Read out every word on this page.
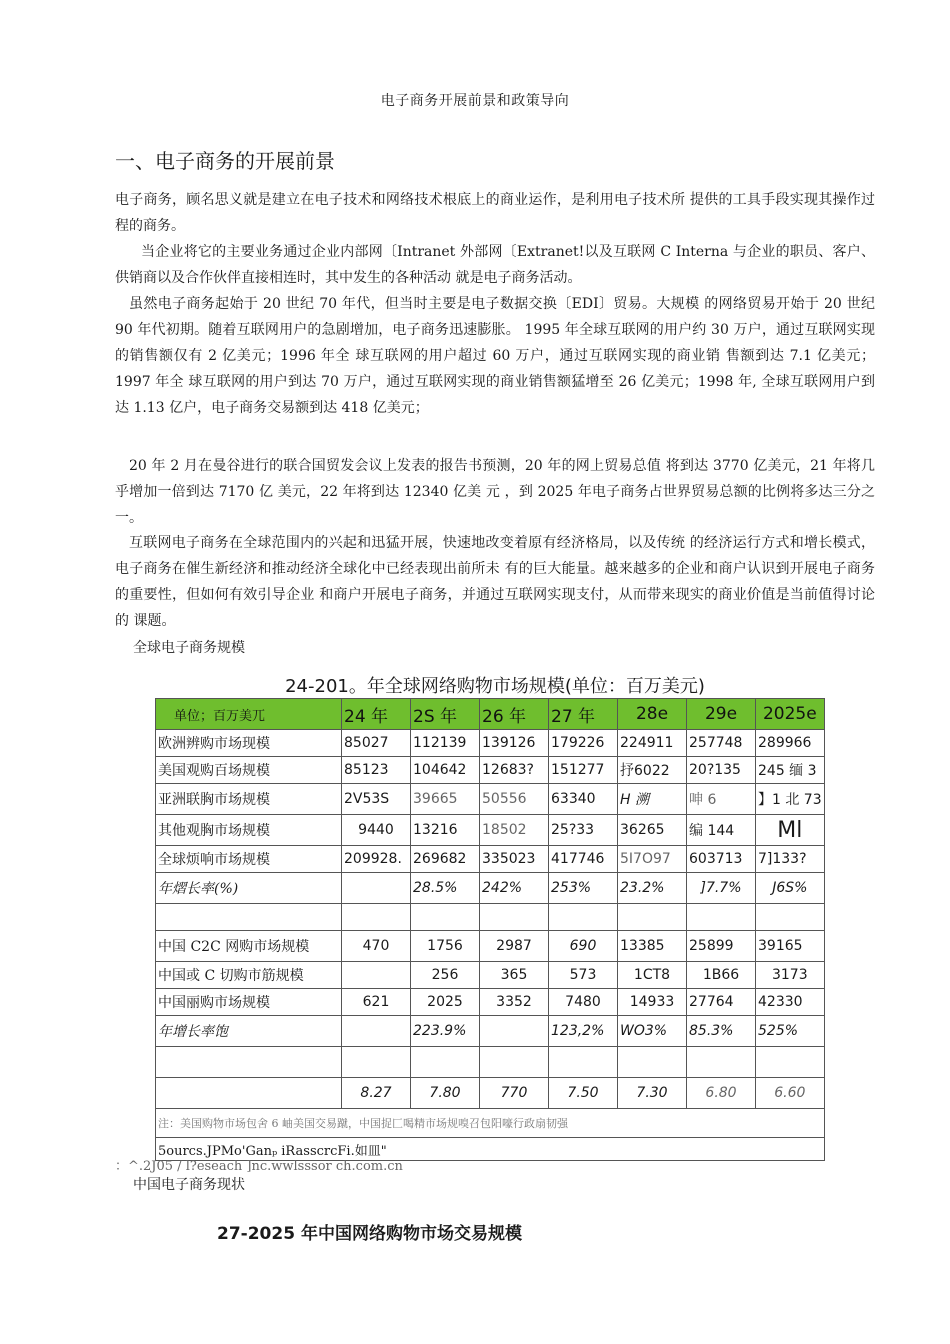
电子商务开展前景和政策导向
一、电子商务的开展前景
电子商务，顾名思义就是建立在电子技术和网络技术根底上的商业运作，是利用电子技术所 提供的工具手段实现其操作过程的商务。
当企业将它的主要业务通过企业内部网〔Intranet 外部网〔Extranet!以及互联网 C Interna 与企业的职员、客户、供销商以及合作伙伴直接相连时，其中发生的各种活动 就是电子商务活动。
虽然电子商务起始于 20 世纪 70 年代，但当时主要是电子数据交换〔EDI〕贸易。大规模 的网络贸易开始于 20 世纪 90 年代初期。随着互联网用户的急剧增加，电子商务迅速膨胀。 1995 年全球互联网的用户约 30 万户，通过互联网实现的销售额仅有 2 亿美元；1996 年全 球互联网的用户超过 60 万户，通过互联网实现的商业销 售额到达 7.1 亿美元；1997 年全 球互联网的用户到达 70 万户，通过互联网实现的商业销售额猛增至 26 亿美元；1998 年, 全球互联网用户到达 1.13 亿户，电子商务交易额到达 418 亿美元；
20 年 2 月在曼谷进行的联合国贸发会议上发表的报告书预测，20 年的网上贸易总值 将到达 3770 亿美元，21 年将几乎增加一倍到达 7170 亿 美元，22 年将到达 12340 亿美 元 ，到 2025 年电子商务占世界贸易总额的比例将多达三分之一。
互联网电子商务在全球范围内的兴起和迅猛开展，快速地改变着原有经济格局，以及传统 的经济运行方式和增长模式，电子商务在催生新经济和推动经济全球化中已经表现出前所未 有的巨大能量。越来越多的企业和商户认识到开展电子商务的重要性，但如何有效引导企业 和商户开展电子商务，并通过互联网实现支付，从而带来现实的商业价值是当前值得讨论的 课题。
全球电子商务规模
24-201。年全球网络购物市场规模(单位：百万美元)
单位；百万美兀	24 年	2S 年	26 年	27 年	28e	29e	2025e
欧洲辨购市场现模	85027	112139	139126	179226	224911	257748	289966
美国观购百场规模	85123	104642	12683?	151277	抒6022	20?135	245 缅 3
亚洲联胸市场规模	2V53S	39665	50556	63340	H 溯	呻 6	】1 北 73
其他观胸市场规模	9440	13216	18502	25?33	36265	编 144	Ml
全球烦响市场规模	209928.	269682	335023	417746	5I7O97	603713	7]133?
年熠长率(%)		28.5%	242%	253%	23.2%	]7.7%	J6S%

中国 C2C 网购市场规模	470	1756	2987	690	13385	25899	39165
中国或 C 切购市筋规模		256	365	573	1CT8	1B66	3173
中国丽购市场规模	621	2025	3352	7480	14933	27764	42330
年增长率饱		223.9%		123,2%	WO3%	85.3%	525%

	8.27	7.80	770	7.50	7.30	6.80	6.60
注：美国购物市场包舍 6 岫美国交易蹴，中国捉匚喝精市场规嗅召包阳嚎行政扇韧强							
5ourcs.JPMo'Ganₚ iRasscrcFi.如皿"							
：^.2J05 / l?eseach ]nc.wwlsssor ch.com.cn
中国电子商务现状
27-2025 年中国网络购物市场交易规模
